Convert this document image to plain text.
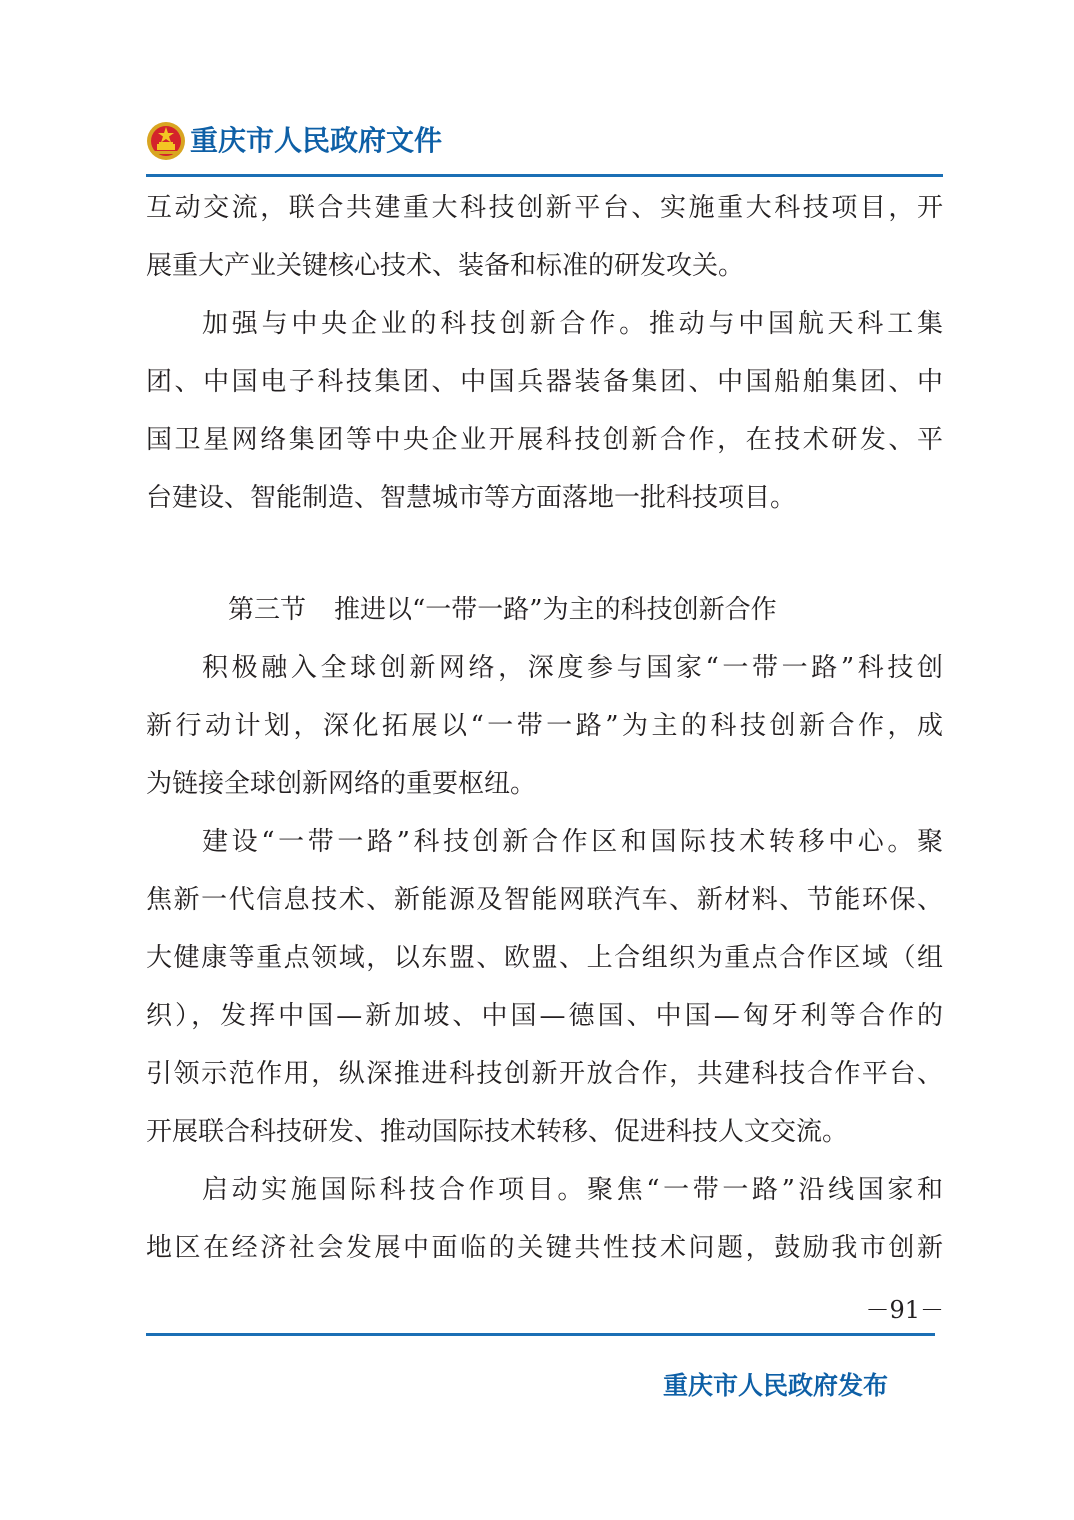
重庆市人民政府文件
互动交流，联合共建重大科技创新平台、实施重大科技项目，开
展重大产业关键核心技术、装备和标准的研发攻关。
加强与中央企业的科技创新合作。推动与中国航天科工集
团、中国电子科技集团、中国兵器装备集团、中国船舶集团、中
国卫星网络集团等中央企业开展科技创新合作，在技术研发、平
台建设、智能制造、智慧城市等方面落地一批科技项目。
第三节 推进以“一带一路”为主的科技创新合作
积极融入全球创新网络，深度参与国家“一带一路”科技创
新行动计划，深化拓展以“一带一路”为主的科技创新合作，成
为链接全球创新网络的重要枢纽。
建设“一带一路”科技创新合作区和国际技术转移中心。聚
焦新一代信息技术、新能源及智能网联汽车、新材料、节能环保、
大健康等重点领域，以东盟、欧盟、上合组织为重点合作区域（组
织），发挥中国—新加坡、中国—德国、中国—匈牙利等合作的
引领示范作用，纵深推进科技创新开放合作，共建科技合作平台、
开展联合科技研发、推动国际技术转移、促进科技人文交流。
启动实施国际科技合作项目。聚焦“一带一路”沿线国家和
地区在经济社会发展中面临的关键共性技术问题，鼓励我市创新
－91－
重庆市人民政府发布
